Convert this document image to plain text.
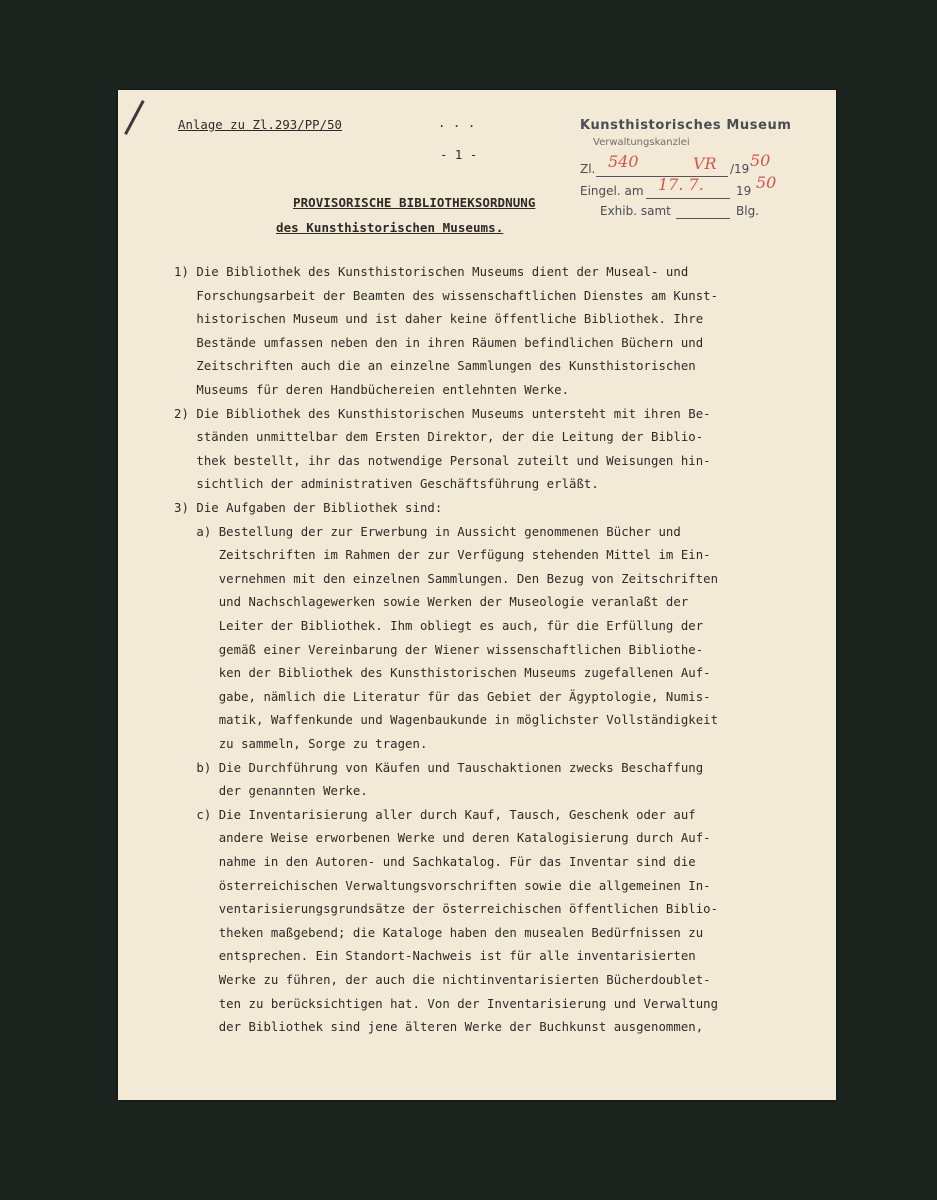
Anlage zu Zl.293/PP/50	. . .
- 1 -
Kunsthistorisches Museum
Verwaltungskanzlei
Zl. 540	VR /19 50
Eingel. am 17. 7.	19 50
Exhib. samt	Blg.
PROVISORISCHE BIBLIOTHEKSORDNUNG
des Kunsthistorischen Museums.
1) Die Bibliothek des Kunsthistorischen Museums dient der Museal- und
Forschungsarbeit der Beamten des wissenschaftlichen Dienstes am Kunst-
historischen Museum und ist daher keine öffentliche Bibliothek. Ihre
Bestände umfassen neben den in ihren Räumen befindlichen Büchern und
Zeitschriften auch die an einzelne Sammlungen des Kunsthistorischen
Museums für deren Handbüchereien entlehnten Werke.
2) Die Bibliothek des Kunsthistorischen Museums untersteht mit ihren Be-
ständen unmittelbar dem Ersten Direktor, der die Leitung der Biblio-
thek bestellt, ihr das notwendige Personal zuteilt und Weisungen hin-
sichtlich der administrativen Geschäftsführung erläßt.
3) Die Aufgaben der Bibliothek sind:
a) Bestellung der zur Erwerbung in Aussicht genommenen Bücher und
Zeitschriften im Rahmen der zur Verfügung stehenden Mittel im Ein-
vernehmen mit den einzelnen Sammlungen. Den Bezug von Zeitschriften
und Nachschlagewerken sowie Werken der Museologie veranlaßt der
Leiter der Bibliothek. Ihm obliegt es auch, für die Erfüllung der
gemäß einer Vereinbarung der Wiener wissenschaftlichen Bibliothe-
ken der Bibliothek des Kunsthistorischen Museums zugefallenen Auf-
gabe, nämlich die Literatur für das Gebiet der Ägyptologie, Numis-
matik, Waffenkunde und Wagenbaukunde in möglichster Vollständigkeit
zu sammeln, Sorge zu tragen.
b) Die Durchführung von Käufen und Tauschaktionen zwecks Beschaffung
der genannten Werke.
c) Die Inventarisierung aller durch Kauf, Tausch, Geschenk oder auf
andere Weise erworbenen Werke und deren Katalogisierung durch Auf-
nahme in den Autoren- und Sachkatalog. Für das Inventar sind die
österreichischen Verwaltungsvorschriften sowie die allgemeinen In-
ventarisierungsgrundsätze der österreichischen öffentlichen Biblio-
theken maßgebend; die Kataloge haben den musealen Bedürfnissen zu
entsprechen. Ein Standort-Nachweis ist für alle inventarisierten
Werke zu führen, der auch die nichtinventarisierten Bücherdoublet-
ten zu berücksichtigen hat. Von der Inventarisierung und Verwaltung
der Bibliothek sind jene älteren Werke der Buchkunst ausgenommen,
